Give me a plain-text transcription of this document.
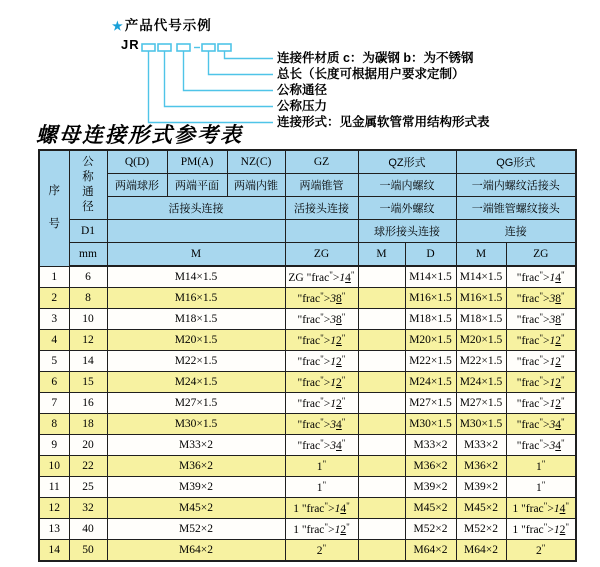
★产品代号示例
JR
连接件材质 c：为碳钢 b：为不锈钢
总长（长度可根据用户要求定制）
公称通径
公称压力
连接形式：见金属软管常用结构形式表
螺母连接形式参考表
序号	公称通径	Q(D)	PM(A)	NZ(C)	GZ	QZ形式		QG形式	
		两端球形	两端平面	两端内锥	两端锥管	一端内螺纹		一端内螺纹活接头	
		活接头连接			活接头连接	一端外螺纹		一端锥管螺纹接头	
	D1					球形接头连接		连接	
	mm	M			ZG	M	D	M	ZG
1	6	M14×1.5			ZG "frac">14"		M14×1.5	M14×1.5	"frac">14"
2	8	M16×1.5			"frac">38"		M16×1.5	M16×1.5	"frac">38"
3	10	M18×1.5			"frac">38"		M18×1.5	M18×1.5	"frac">38"
4	12	M20×1.5			"frac">12"		M20×1.5	M20×1.5	"frac">12"
5	14	M22×1.5			"frac">12"		M22×1.5	M22×1.5	"frac">12"
6	15	M24×1.5			"frac">12"		M24×1.5	M24×1.5	"frac">12"
7	16	M27×1.5			"frac">12"		M27×1.5	M27×1.5	"frac">12"
8	18	M30×1.5			"frac">34"		M30×1.5	M30×1.5	"frac">34"
9	20	M33×2			"frac">34"		M33×2	M33×2	"frac">34"
10	22	M36×2			1"		M36×2	M36×2	1"
11	25	M39×2			1"		M39×2	M39×2	1"
12	32	M45×2			1 "frac">14"		M45×2	M45×2	1 "frac">14"
13	40	M52×2			1 "frac">12"		M52×2	M52×2	1 "frac">12"
14	50	M64×2			2"		M64×2	M64×2	2"
